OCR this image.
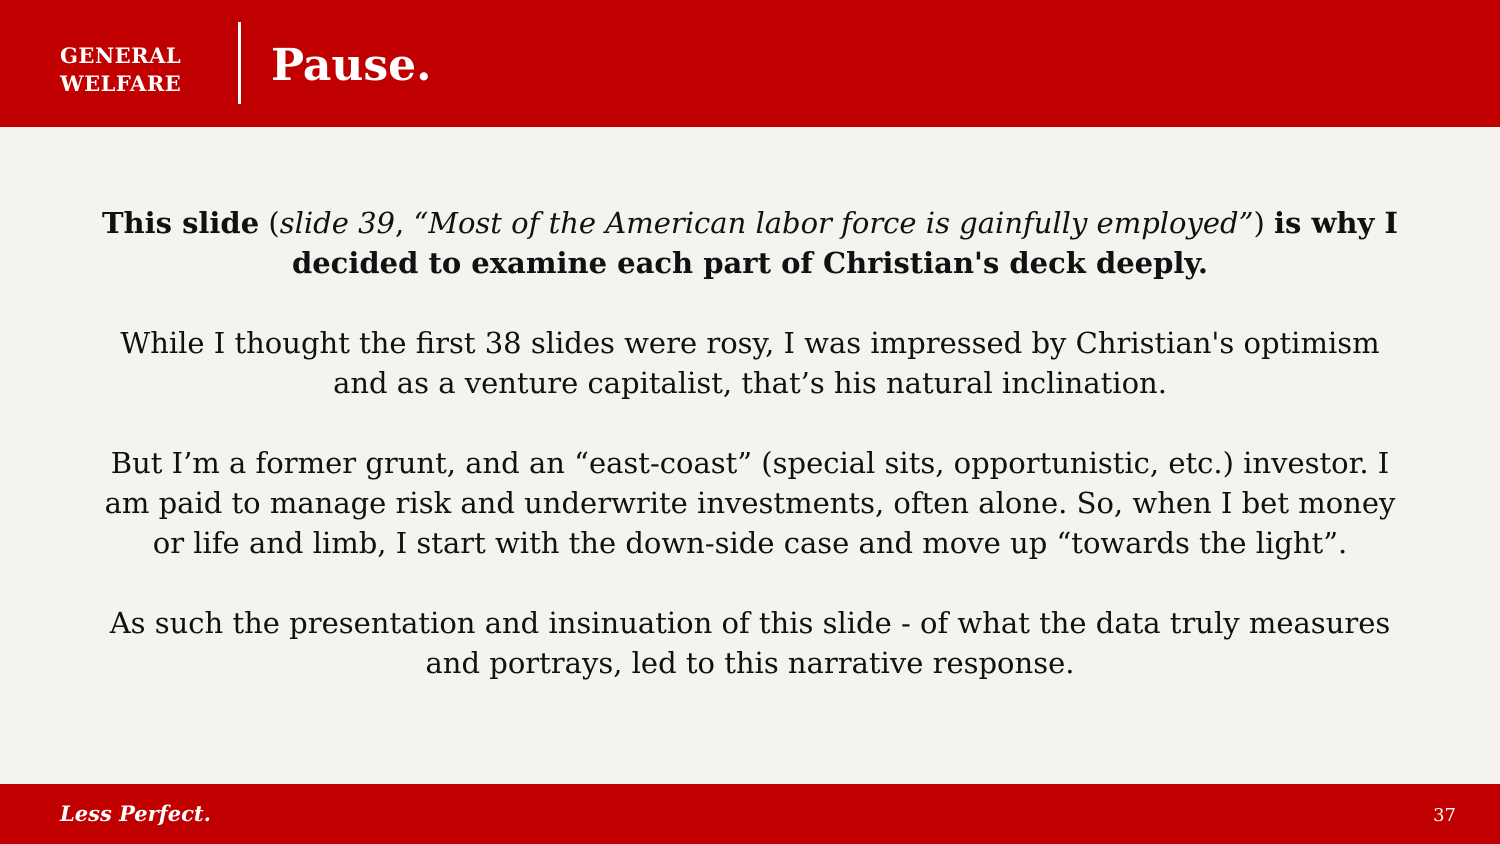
GENERAL
WELFARE Pause.

This slide (slide 39, “Most of the American labor force is gainfully employed”) is why I decided to examine each part of Christian's deck deeply.

While I thought the first 38 slides were rosy, I was impressed by Christian's optimism and as a venture capitalist, that’s his natural inclination.

But I’m a former grunt, and an “east-coast” (special sits, opportunistic, etc.) investor. I am paid to manage risk and underwrite investments, often alone. So, when I bet money or life and limb, I start with the down-side case and move up “towards the light”.

As such the presentation and insinuation of this slide - of what the data truly measures and portrays, led to this narrative response.

Less Perfect.	37
